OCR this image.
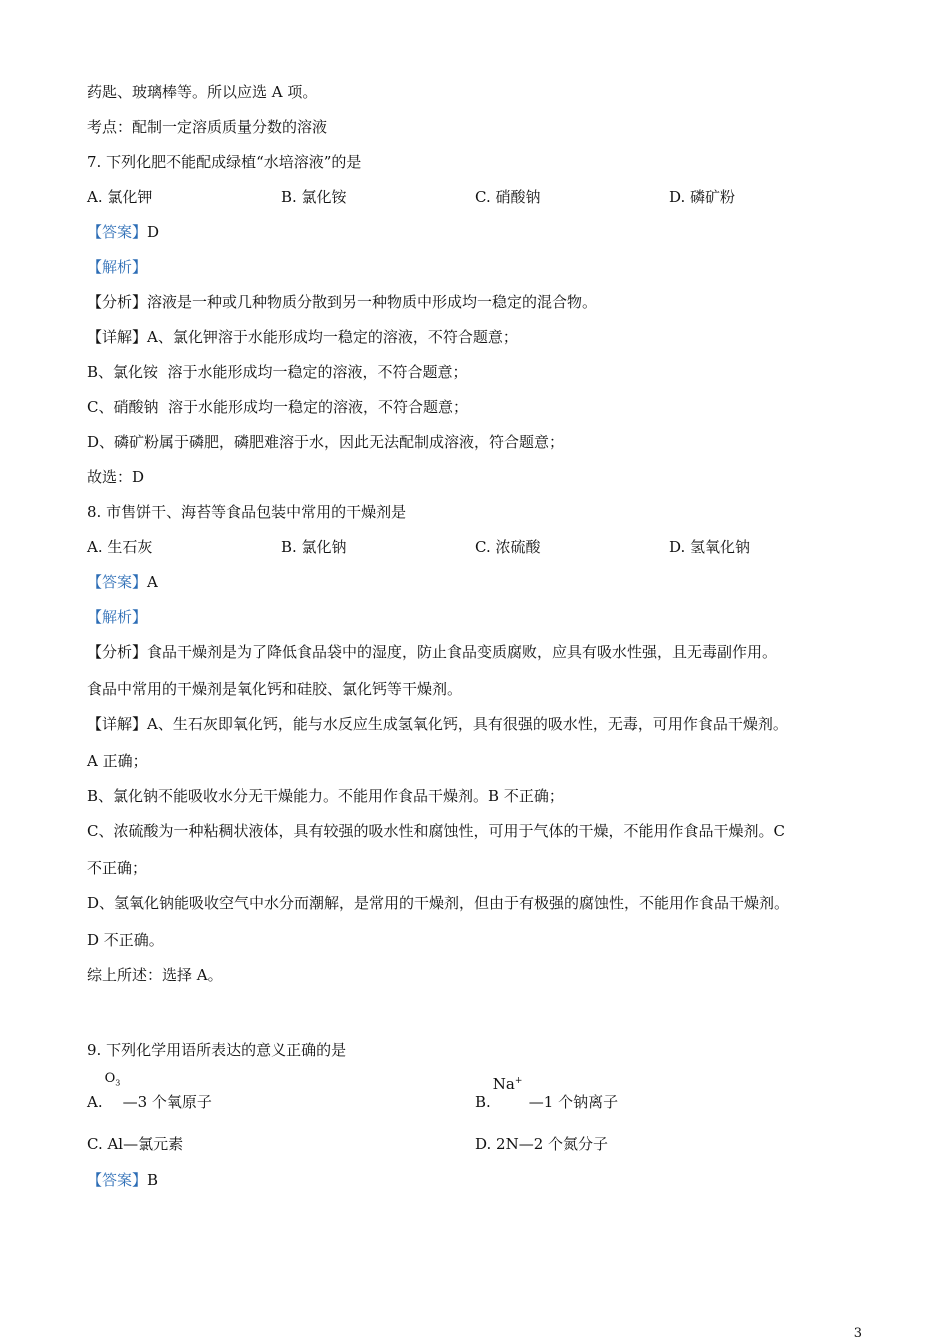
药匙、玻璃棒等。所以应选 A 项。
考点：配制一定溶质质量分数的溶液
7. 下列化肥不能配成绿植“水培溶液”的是
A. 氯化钾	B. 氯化铵	C. 硝酸钠	D. 磷矿粉
【答案】D
【解析】
【分析】溶液是一种或几种物质分散到另一种物质中形成均一稳定的混合物。
【详解】A、氯化钾溶于水能形成均一稳定的溶液，不符合题意；
B、氯化铵  溶于水能形成均一稳定的溶液，不符合题意；
C、硝酸钠  溶于水能形成均一稳定的溶液，不符合题意；
D、磷矿粉属于磷肥，磷肥难溶于水，因此无法配制成溶液，符合题意；
故选：D
8. 市售饼干、海苔等食品包装中常用的干燥剂是
A. 生石灰	B. 氯化钠	C. 浓硫酸	D. 氢氧化钠
【答案】A
【解析】
【分析】食品干燥剂是为了降低食品袋中的湿度，防止食品变质腐败，应具有吸水性强，且无毒副作用。
食品中常用的干燥剂是氧化钙和硅胶、氯化钙等干燥剂。
【详解】A、生石灰即氧化钙，能与水反应生成氢氧化钙，具有很强的吸水性，无毒，可用作食品干燥剂。
A 正确；
B、氯化钠不能吸收水分无干燥能力。不能用作食品干燥剂。B 不正确；
C、浓硫酸为一种粘稠状液体，具有较强的吸水性和腐蚀性，可用于气体的干燥，不能用作食品干燥剂。C
不正确；
D、氢氧化钠能吸收空气中水分而潮解，是常用的干燥剂，但由于有极强的腐蚀性，不能用作食品干燥剂。
D 不正确。
综上所述：选择 A。
9. 下列化学用语所表达的意义正确的是
A.
$O_3$
—3 个氧原子	B.
Na+
—1 个钠离子
C. Al—氯元素	D. 2N—2 个氮分子
【答案】B
3
